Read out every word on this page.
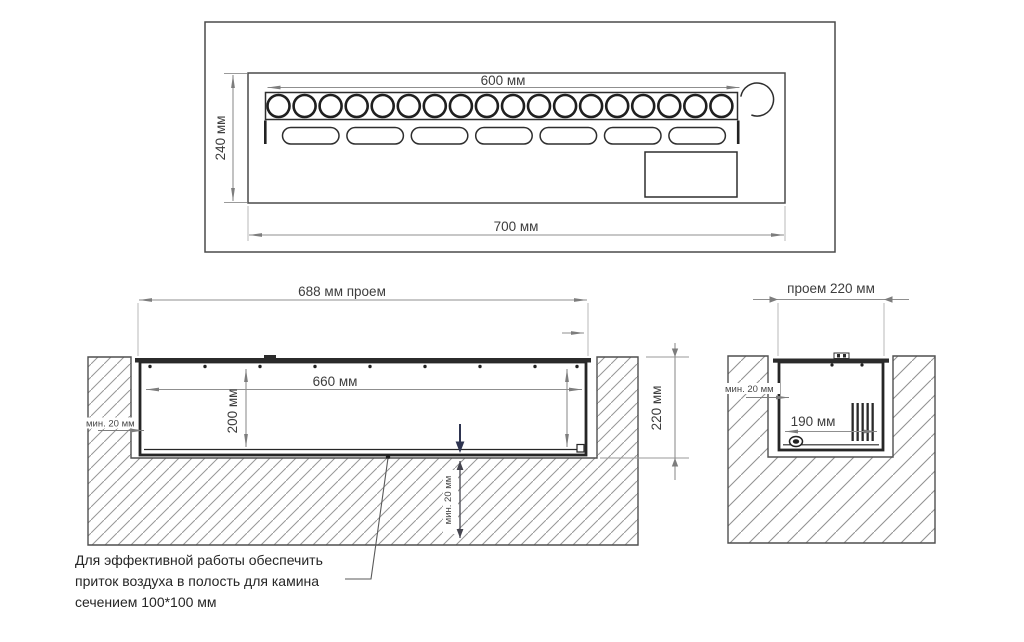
600 мм
240 мм
700 мм
688 мм проем
660 мм
200 мм
мин. 20 мм
мин. 20 мм
220 мм
Для эффективной работы обеспечить
приток воздуха в полость для камина
сечением 100*100 мм
проем 220 мм
мин. 20 мм
190 мм
